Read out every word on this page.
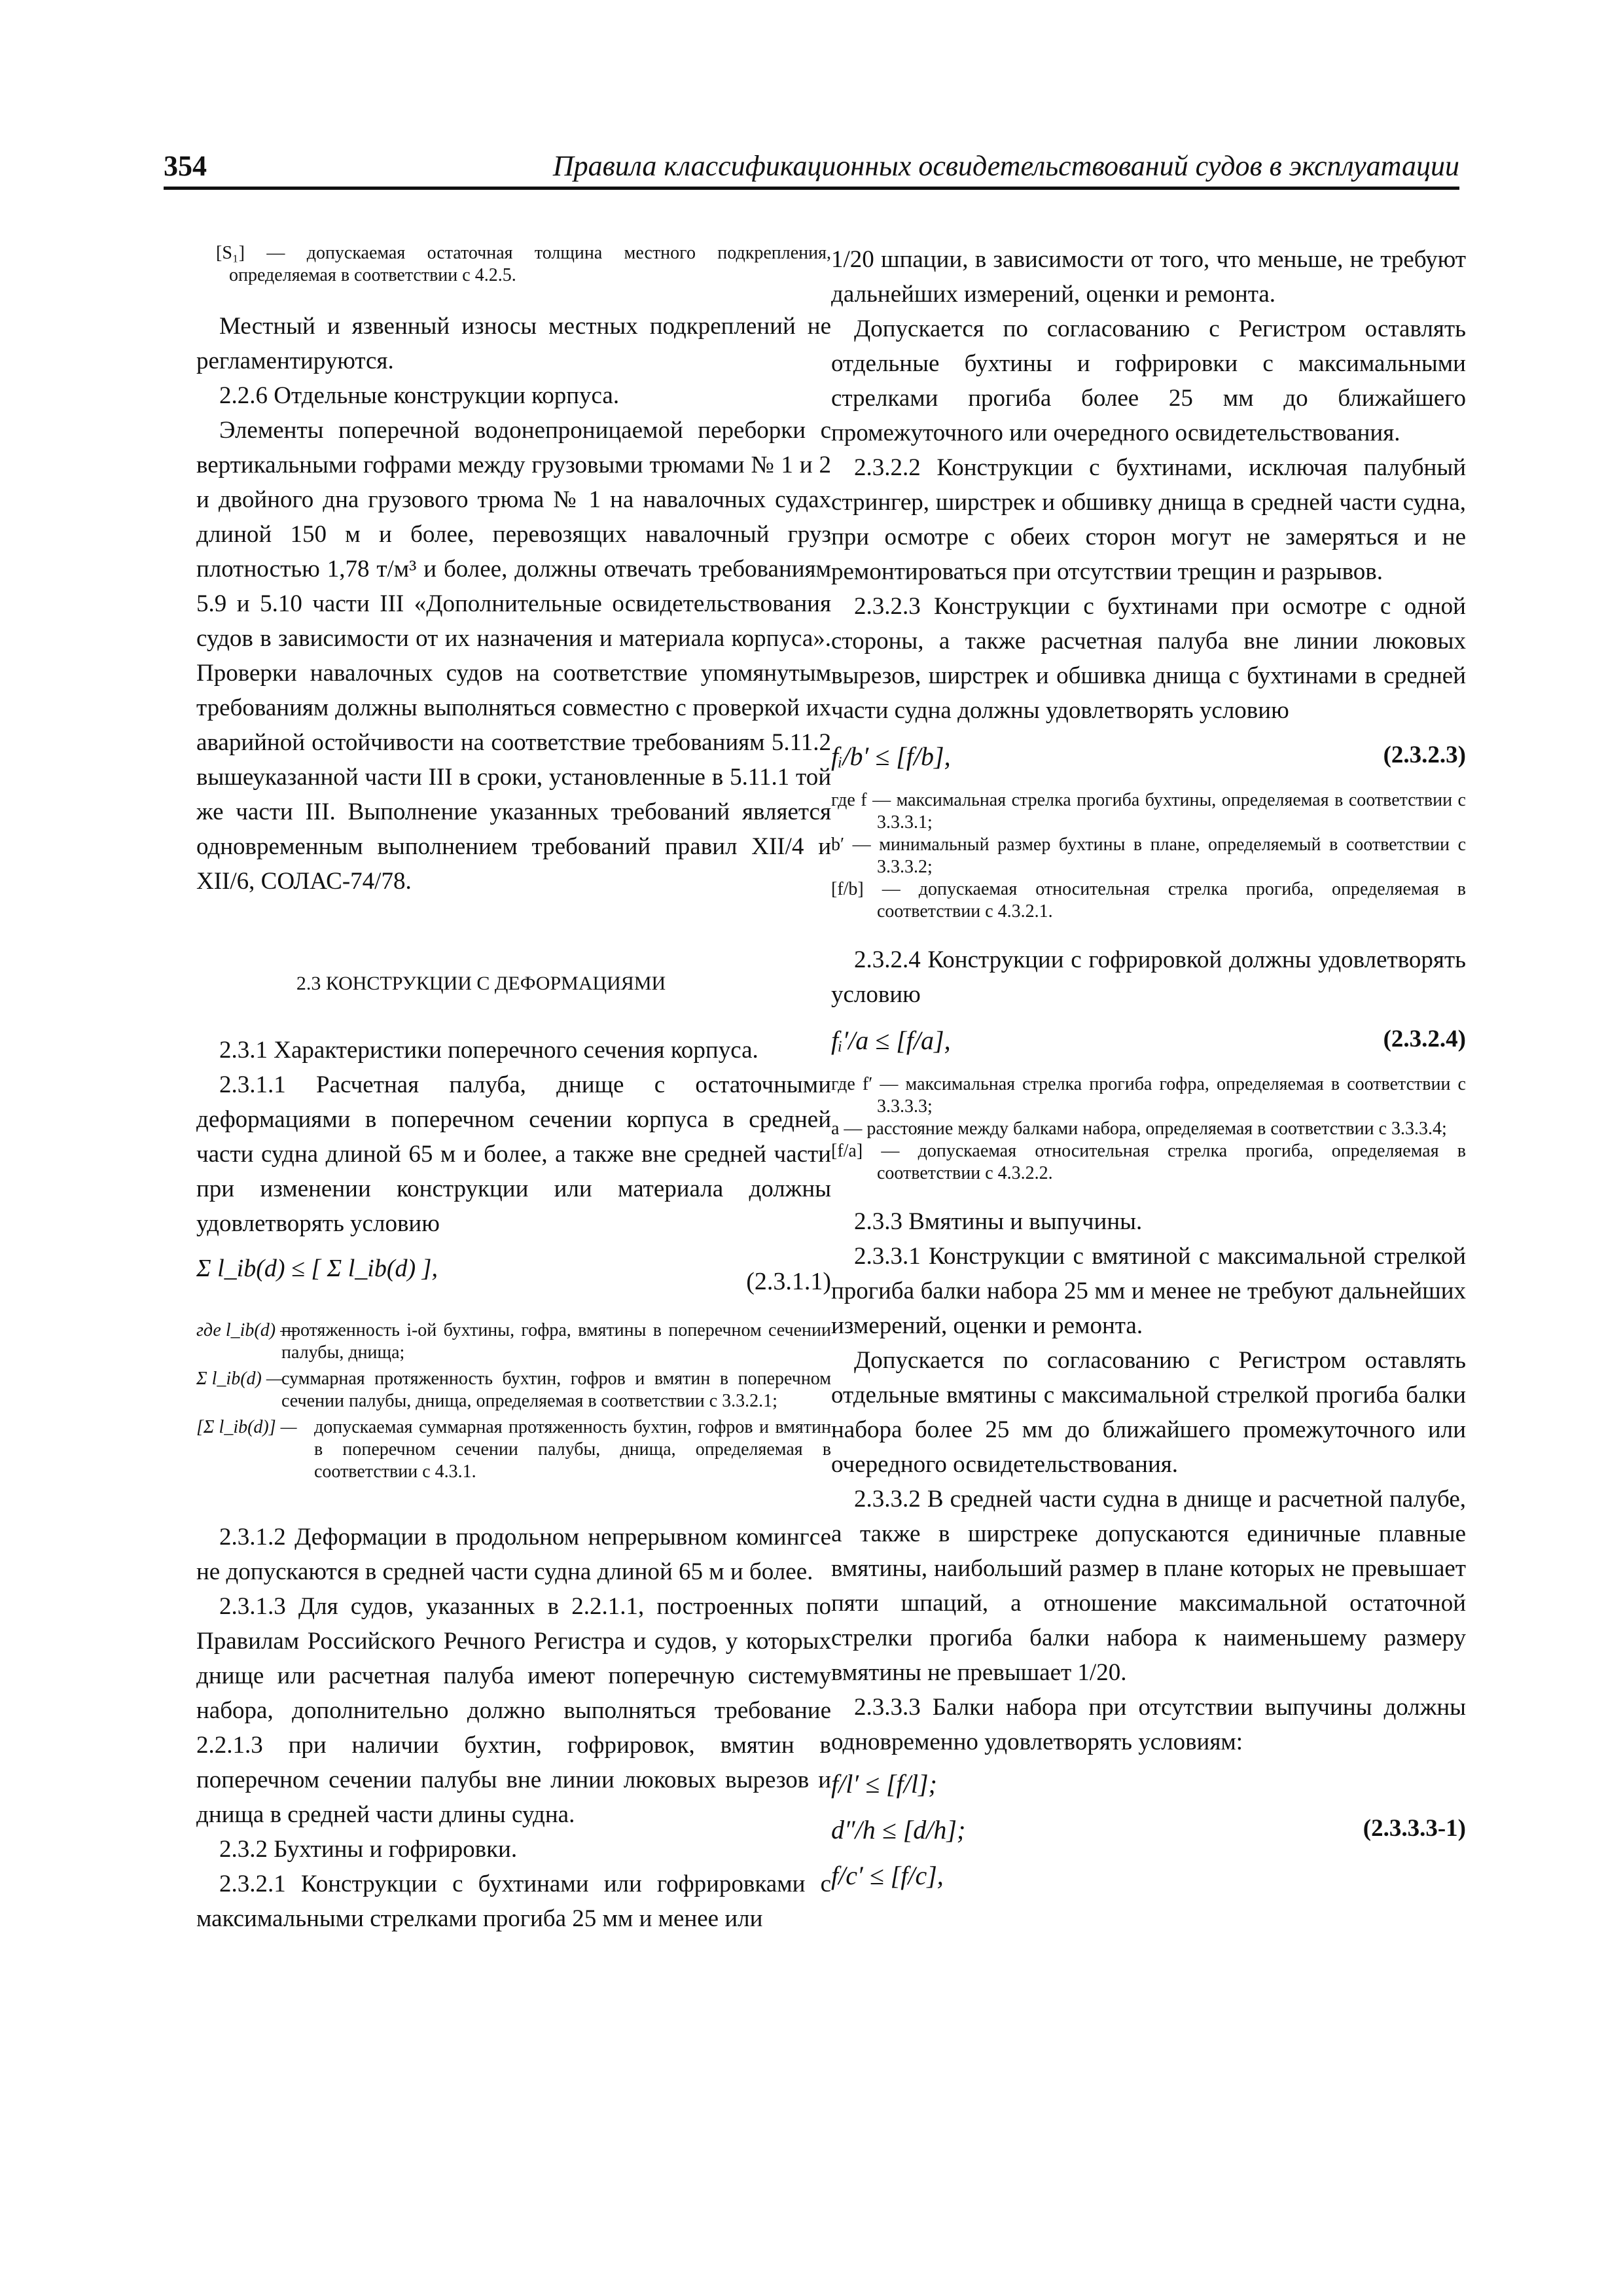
354	Правила классификационных освидетельствований судов в эксплуатации
[S₁] — допускаемая остаточная толщина местного подкрепления, определяемая в соответствии с 4.2.5.

Местный и язвенный износы местных подкреплений не регламентируются.

2.2.6 Отдельные конструкции корпуса.

Элементы поперечной водонепроницаемой переборки с вертикальными гофрами между грузовыми трюмами № 1 и 2 и двойного дна грузового трюма № 1 на навалочных судах длиной 150 м и более, перевозящих навалочный груз плотностью 1,78 т/м³ и более, должны отвечать требованиям 5.9 и 5.10 части III «Дополнительные освидетельствования судов в зависимости от их назначения и материала корпуса». Проверки навалочных судов на соответствие упомянутым требованиям должны выполняться совместно с проверкой их аварийной остойчивости на соответствие требованиям 5.11.2 вышеуказанной части III в сроки, установленные в 5.11.1 той же части III. Выполнение указанных требований является одновременным выполнением требований правил XII/4 и XII/6, СОЛАС-74/78.

2.3 КОНСТРУКЦИИ С ДЕФОРМАЦИЯМИ

2.3.1 Характеристики поперечного сечения корпуса.

2.3.1.1 Расчетная палуба, днище с остаточными деформациями в поперечном сечении корпуса в средней части судна длиной 65 м и более, а также вне средней части при изменении конструкции или материала должны удовлетворять условию

Σ l_ib(d) ≤ [ Σ l_ib(d) ],	(2.3.1.1)
где l_ib(d) —
протяженность i-ой бухтины, гофра, вмятины в поперечном сечении палубы, днища;
Σ l_ib(d) —
суммарная протяженность бухтин, гофров и вмятин в поперечном сечении палубы, днища, определяемая в соответствии с 3.3.2.1;
[Σ l_ib(d)] — допускаемая суммарная протяженность бухтин, гофров и вмятин в поперечном сечении палубы, днища, определяемая в соответствии с 4.3.1.

2.3.1.2 Деформации в продольном непрерывном комингсе не допускаются в средней части судна длиной 65 м и более.

2.3.1.3 Для судов, указанных в 2.2.1.1, построенных по Правилам Российского Речного Регистра и судов, у которых днище или расчетная палуба имеют поперечную систему набора, дополнительно должно выполняться требование 2.2.1.3 при наличии бухтин, гофрировок, вмятин в поперечном сечении палубы вне линии люковых вырезов и днища в средней части длины судна.

2.3.2 Бухтины и гофрировки.

2.3.2.1 Конструкции с бухтинами или гофрировками с максимальными стрелками прогиба 25 мм и менее или

1/20 шпации, в зависимости от того, что меньше, не требуют дальнейших измерений, оценки и ремонта.

Допускается по согласованию с Регистром оставлять отдельные бухтины и гофрировки с максимальными стрелками прогиба более 25 мм до ближайшего промежуточного или очередного освидетельствования.

2.3.2.2 Конструкции с бухтинами, исключая палубный стрингер, ширстрек и обшивку днища в средней части судна, при осмотре с обеих сторон могут не замеряться и не ремонтироваться при отсутствии трещин и разрывов.

2.3.2.3 Конструкции с бухтинами при осмотре с одной стороны, а также расчетная палуба вне линии люковых вырезов, ширстрек и обшивка днища с бухтинами в средней части судна должны удовлетворять условию

fᵢ/b′ ≤ [f/b],	(2.3.2.3)
где f — максимальная стрелка прогиба бухтины, определяемая в соответствии с 3.3.3.1;
b′ — минимальный размер бухтины в плане, определяемый в соответствии с 3.3.3.2;
[f/b] — допускаемая относительная стрелка прогиба, определяемая в соответствии с 4.3.2.1.

2.3.2.4 Конструкции с гофрировкой должны удовлетворять условию

fᵢ′/a ≤ [f/a],	(2.3.2.4)
где f′ — максимальная стрелка прогиба гофра, определяемая в соответствии с 3.3.3.3;
a — расстояние между балками набора, определяемая в соответствии с 3.3.3.4;
[f/a] — допускаемая относительная стрелка прогиба, определяемая в соответствии с 4.3.2.2.

2.3.3 Вмятины и выпучины.

2.3.3.1 Конструкции с вмятиной с максимальной стрелкой прогиба балки набора 25 мм и менее не требуют дальнейших измерений, оценки и ремонта.

Допускается по согласованию с Регистром оставлять отдельные вмятины с максимальной стрелкой прогиба балки набора более 25 мм до ближайшего промежуточного или очередного освидетельствования.

2.3.3.2 В средней части судна в днище и расчетной палубе, а также в ширстреке допускаются единичные плавные вмятины, наибольший размер в плане которых не превышает пяти шпаций, а отношение максимальной остаточной стрелки прогиба балки набора к наименьшему размеру вмятины не превышает 1/20.

2.3.3.3 Балки набора при отсутствии выпучины должны одновременно удовлетворять условиям:

f/l′ ≤ [f/l];
d″/h ≤ [d/h];	(2.3.3.3-1)
f/c′ ≤ [f/c],
